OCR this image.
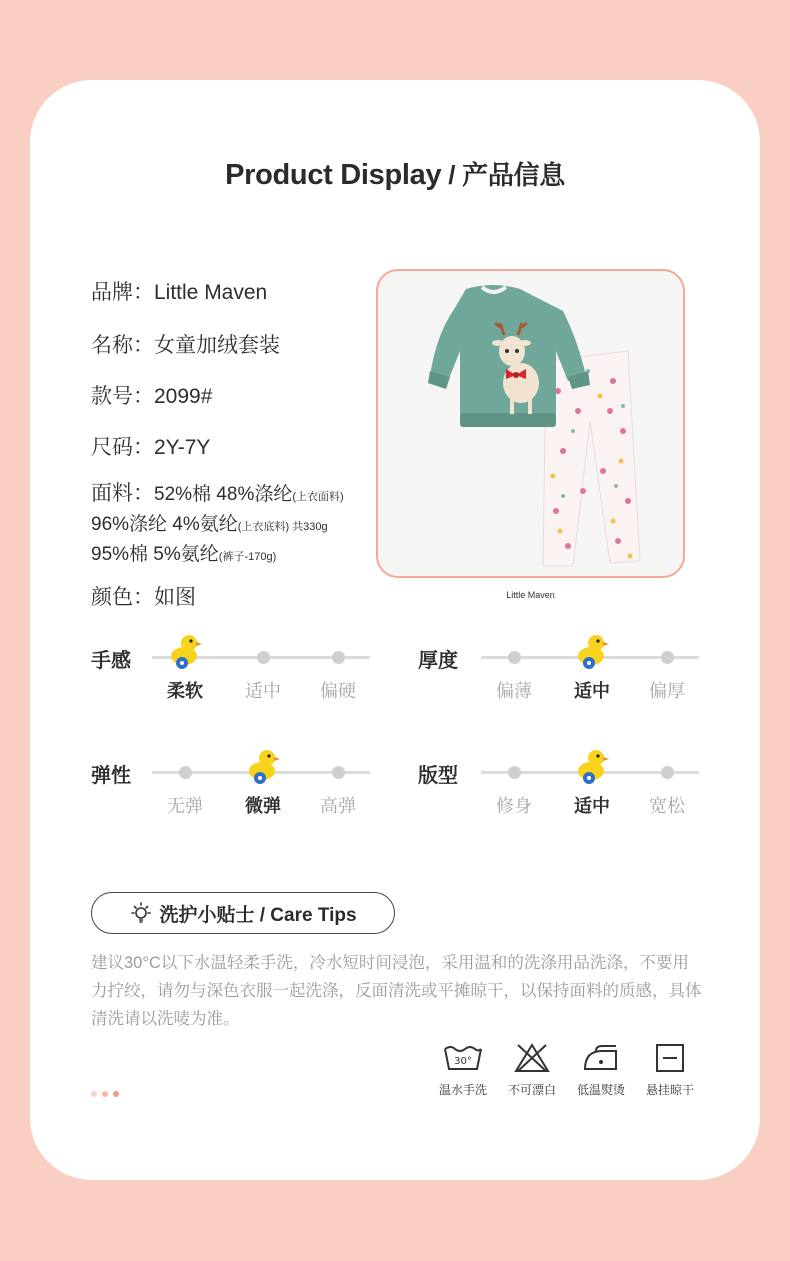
Product Display / 产品信息
品牌：Little Maven
名称：女童加绒套装
款号：2099#
尺码：2Y-7Y
面料：52%棉 48%涤纶(上衣面料)
96%涤纶 4%氨纶(上衣底料) 共330g
95%棉 5%氨纶(裤子-170g)
颜色：如图	Little Maven
手感
柔软	适中	偏硬
厚度
偏薄	适中	偏厚
弹性
无弹	微弹	高弹
版型
修身	适中	宽松
洗护小贴士 / Care Tips
建议30°C以下水温轻柔手洗，冷水短时间浸泡，采用温和的洗涤用品洗涤，不要用力拧绞，请勿与深色衣服一起洗涤，反面清洗或平摊晾干，以保持面料的质感，具体清洗请以洗唛为准。
30°
温水手洗	不可漂白	低温熨烫	悬挂晾干
